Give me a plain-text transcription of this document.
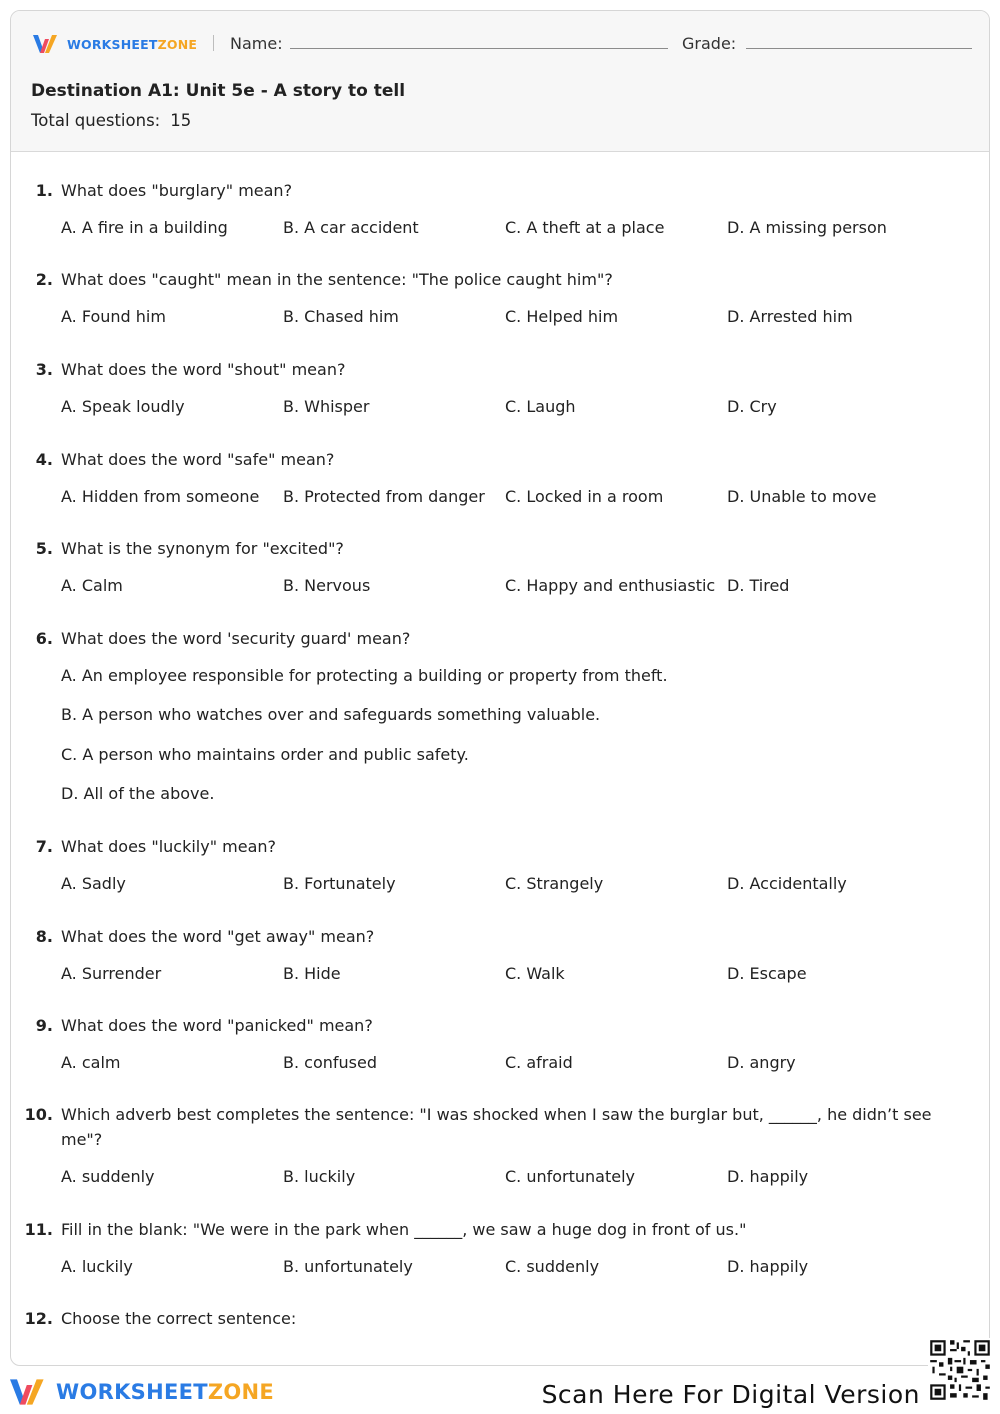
WORKSHEETZONE Name:	Grade:
Destination A1: Unit 5e - A story to tell
Total questions: 15
1. What does "burglary" mean?
A. A fire in a building	B. A car accident	C. A theft at a place	D. A missing person
2. What does "caught" mean in the sentence: "The police caught him"?
A. Found him	B. Chased him	C. Helped him	D. Arrested him
3. What does the word "shout" mean?
A. Speak loudly	B. Whisper	C. Laugh	D. Cry
4. What does the word "safe" mean?
A. Hidden from someone B. Protected from danger C. Locked in a room	D. Unable to move
5. What is the synonym for "excited"?
A. Calm	B. Nervous	C. Happy and enthusiastic D. Tired
6. What does the word 'security guard' mean?
A. An employee responsible for protecting a building or property from theft.
B. A person who watches over and safeguards something valuable.
C. A person who maintains order and public safety.
D. All of the above.
7. What does "luckily" mean?
A. Sadly	B. Fortunately	C. Strangely	D. Accidentally
8. What does the word "get away" mean?
A. Surrender	B. Hide	C. Walk	D. Escape
9. What does the word "panicked" mean?
A. calm	B. confused	C. afraid	D. angry
10. Which adverb best completes the sentence: "I was shocked when I saw the burglar but, ______, he didn’t see me"?
A. suddenly	B. luckily	C. unfortunately	D. happily
11. Fill in the blank: "We were in the park when ______, we saw a huge dog in front of us."
A. luckily	B. unfortunately	C. suddenly	D. happily
12. Choose the correct sentence:
WORKSHEETZONE	Scan Here For Digital Version
